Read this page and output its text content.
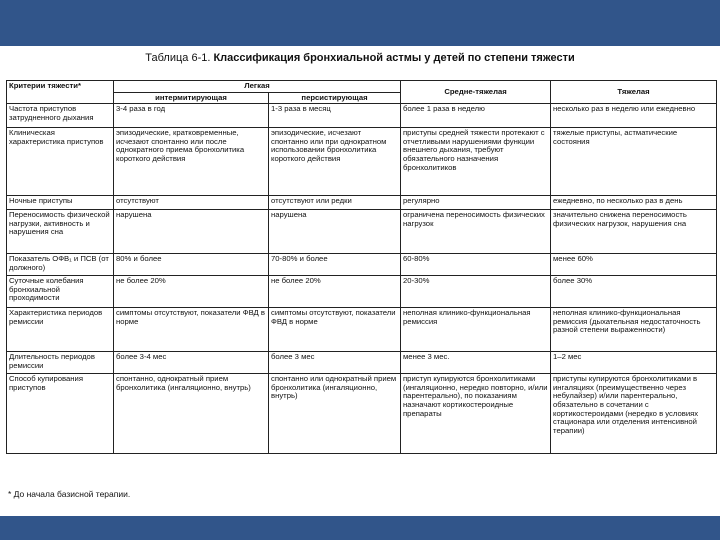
Таблица 6-1. Классификация бронхиальной астмы у детей по степени тяжести
Критерии тяжести*	Легкая		Средне-тяжелая	Тяжелая
	интермитирующая	персистирующая		
Частота приступов затрудненного дыхания	3-4 раза в год	1-3 раза в месяц	более 1 раза в неделю	несколько раз в неделю или ежедневно
Клиническая характеристика приступов	эпизодические, кратковременные, исчезают спонтанно или после однократного приема бронхолитика короткого действия	эпизодические, исчезают спонтанно или при однократном использовании бронхолитика короткого действия	приступы средней тяжести протекают с отчетливыми нарушениями функции внешнего дыхания, требуют обязательного назначения бронхолитиков	тяжелые приступы, астматические состояния
Ночные приступы	отсутствуют	отсутствуют или редки	регулярно	ежедневно, по несколько раз в день
Переносимость физической нагрузки, активность и нарушения сна	нарушена	нарушена	ограничена переносимость физических нагрузок	значительно снижена переносимость физических нагрузок, нарушения сна
Показатель ОФВ₁ и ПСВ (от должного)	80% и более	70-80% и более	60-80%	менее 60%
Суточные колебания бронхиальной проходимости	не более 20%	не более 20%	20-30%	более 30%
Характеристика периодов ремиссии	симптомы отсутствуют, показатели ФВД в норме	симптомы отсутствуют, показатели ФВД в норме	неполная клинико-функциональная ремиссия	неполная клинико-функциональная ремиссия (дыхательная недостаточность разной степени выраженности)
Длительность периодов ремиссии	более 3-4 мес	более 3 мес	менее 3 мес.	1–2 мес
Способ купирования приступов	спонтанно, однократный прием бронхолитика (ингаляционно, внутрь)	спонтанно или однократный прием бронхолитика (ингаляционно, внутрь)	приступ купируются бронхолитиками (ингаляционно, нередко повторно, и/или парентерально), по показаниям назначают кортикостероидные препараты	приступы купируются бронхолитиками в ингаляциях (преимущественно через небулайзер) и/или парентерально, обязательно в сочетании с кортикостероидами (нередко в условиях стационара или отделения интенсивной терапии)
* До начала базисной терапии.
